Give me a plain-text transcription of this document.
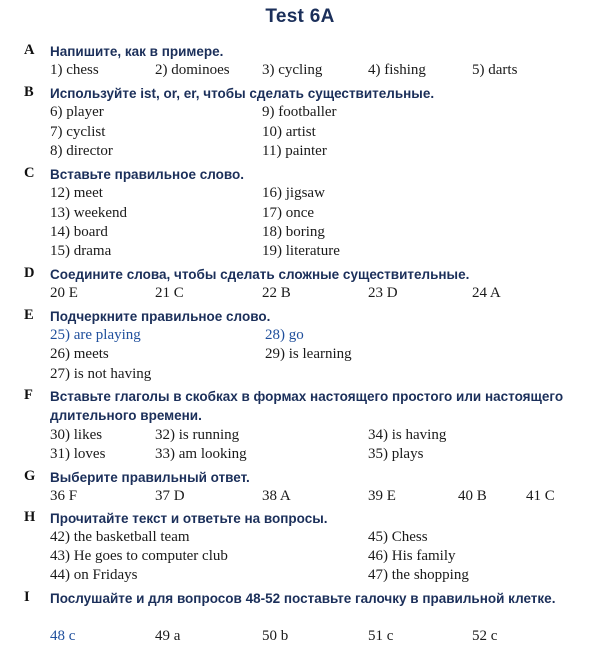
Test 6A
A Напишите, как в примере.
1) chess	2) dominoes 3) cycling	4) fishing	5) darts
B Используйте ist, or, er, чтобы сделать существительные.
6) player
7) cyclist
8) director
9) footballer
10) artist
11) painter
C Вставьте правильное слово.
12) meet
13) weekend
14) board
15) drama
16) jigsaw
17) once
18) boring
19) literature
D Соедините слова, чтобы сделать сложные существительные.
20 E	21 C	22 B	23 D	24 A
E Подчеркните правильное слово.
25) are playing	28) go
26) meets	29) is learning
27) is not having
F Вставьте глаголы в скобках в формах настоящего простого или настоящего длительного времени.
30) likes	32) is running	34) is having
31) loves	33) am looking	35) plays
G Выберите правильный ответ.
36 F	37 D	38 A	39 E	40 B	41 C
H Прочитайте текст и ответьте на вопросы.
42) the basketball team	45) Chess
43) He goes to computer club	46) His family
44) on Fridays	47) the shopping
I Послушайте и для вопросов 48-52 поставьте галочку в правильной клетке.
48 c	49 a	50 b	51 c	52 c
